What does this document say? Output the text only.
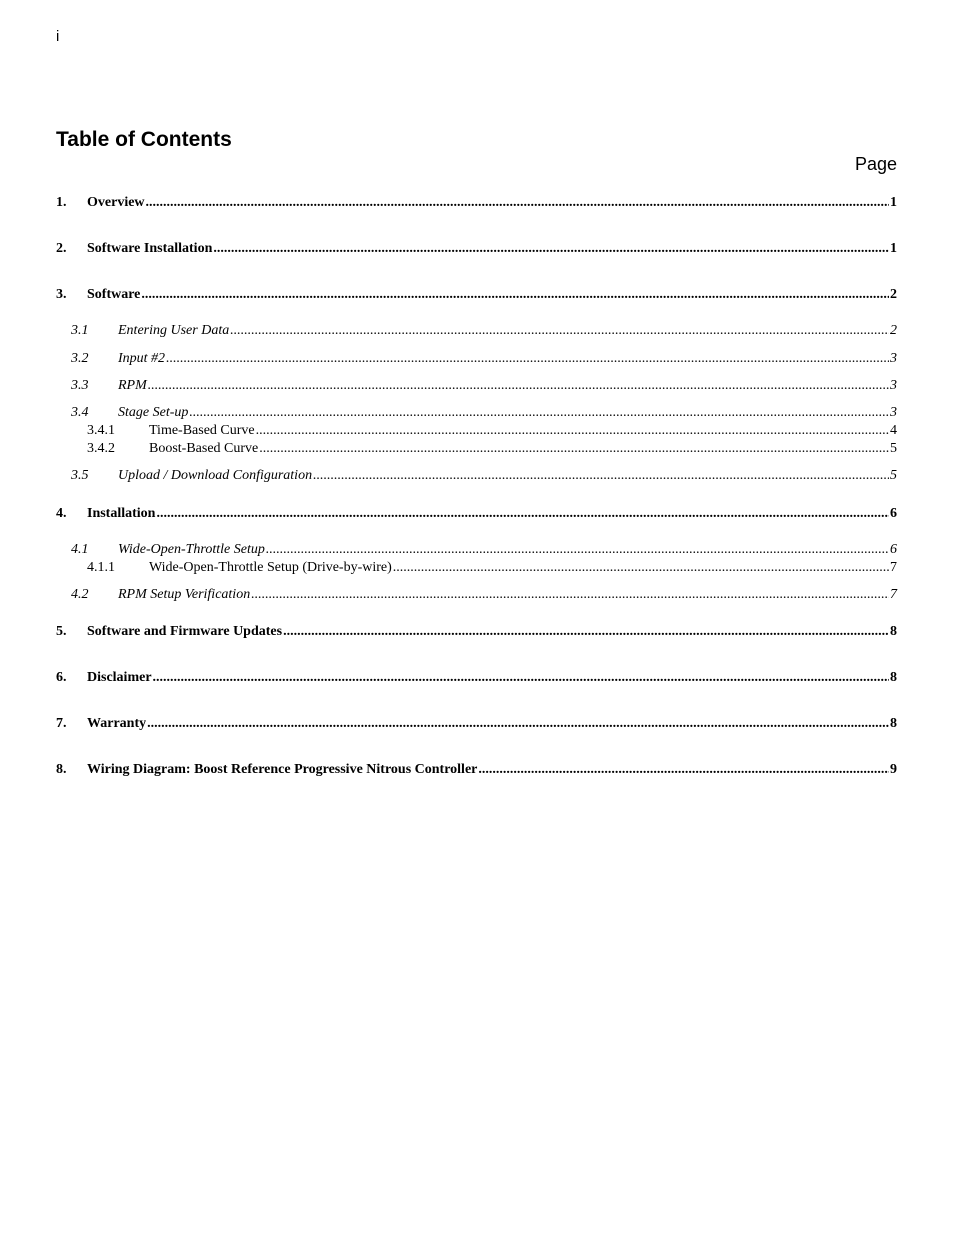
i
Table of Contents
Page
1.	Overview .....	1
2.	Software Installation .....	1
3.	Software .....	2
3.1	Entering User Data .....	2
3.2	Input #2 .....	3
3.3	RPM .....	3
3.4	Stage Set-up .....	3
3.4.1	Time-Based Curve .....	4
3.4.2	Boost-Based Curve .....	5
3.5	Upload / Download Configuration .....	5
4.	Installation .....	6
4.1	Wide-Open-Throttle Setup .....	6
4.1.1	Wide-Open-Throttle Setup (Drive-by-wire) .....	7
4.2	RPM Setup Verification .....	7
5.	Software and Firmware Updates .....	8
6.	Disclaimer .....	8
7.	Warranty .....	8
8.	Wiring Diagram: Boost Reference Progressive Nitrous Controller .....	9
